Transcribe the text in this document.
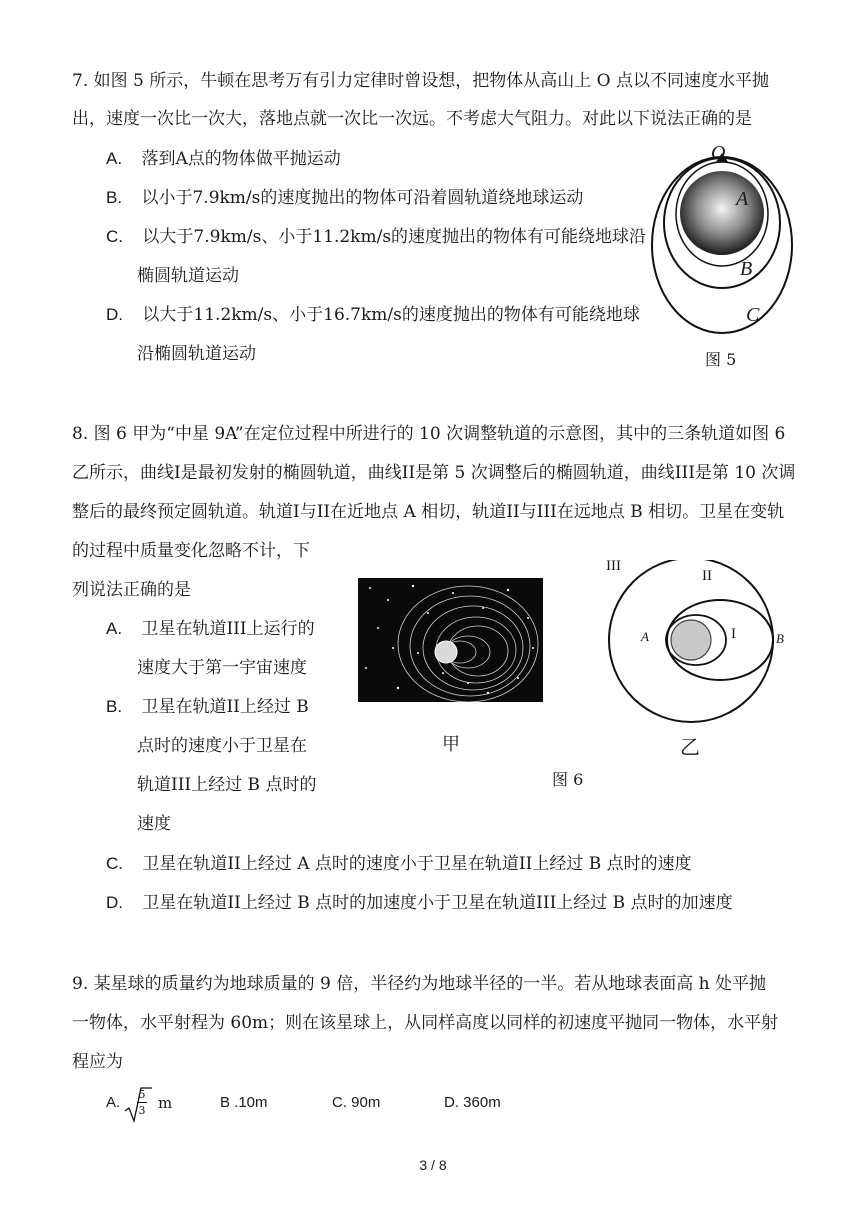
7. 如图 5 所示，牛顿在思考万有引力定律时曾设想，把物体从高山上 O 点以不同速度水平抛
出，速度一次比一次大，落地点就一次比一次远。不考虑大气阻力。对此以下说法正确的是
A. 落到A点的物体做平抛运动
B. 以小于7.9km/s的速度抛出的物体可沿着圆轨道绕地球运动
C. 以大于7.9km/s、小于11.2km/s的速度抛出的物体有可能绕地球沿
椭圆轨道运动
D. 以大于11.2km/s、小于16.7km/s的速度抛出的物体有可能绕地球
沿椭圆轨道运动
O
A
B
C
图 5
8. 图 6 甲为“中星 9A”在定位过程中所进行的 10 次调整轨道的示意图，其中的三条轨道如图 6
乙所示，曲线I是最初发射的椭圆轨道，曲线II是第 5 次调整后的椭圆轨道，曲线III是第 10 次调
整后的最终预定圆轨道。轨道I与II在近地点 A 相切，轨道II与III在远地点 B 相切。卫星在变轨
的过程中质量变化忽略不计，下
列说法正确的是
A. 卫星在轨道III上运行的
速度大于第一宇宙速度
B. 卫星在轨道II上经过 B
点时的速度小于卫星在
轨道III上经过 B 点时的
速度
C. 卫星在轨道II上经过 A 点时的速度小于卫星在轨道II上经过 B 点时的速度
D. 卫星在轨道II上经过 B 点时的加速度小于卫星在轨道III上经过 B 点时的加速度
甲
III
II
I
A	B
乙
图 6
9. 某星球的质量约为地球质量的 9 倍，半径约为地球半径的一半。若从地球表面高 h 处平抛
一物体，水平射程为 60m；则在该星球上，从同样高度以同样的初速度平抛同一物体，水平射
程应为
A. 5
3 m	B .10m	C. 90m	D. 360m
3 / 8
